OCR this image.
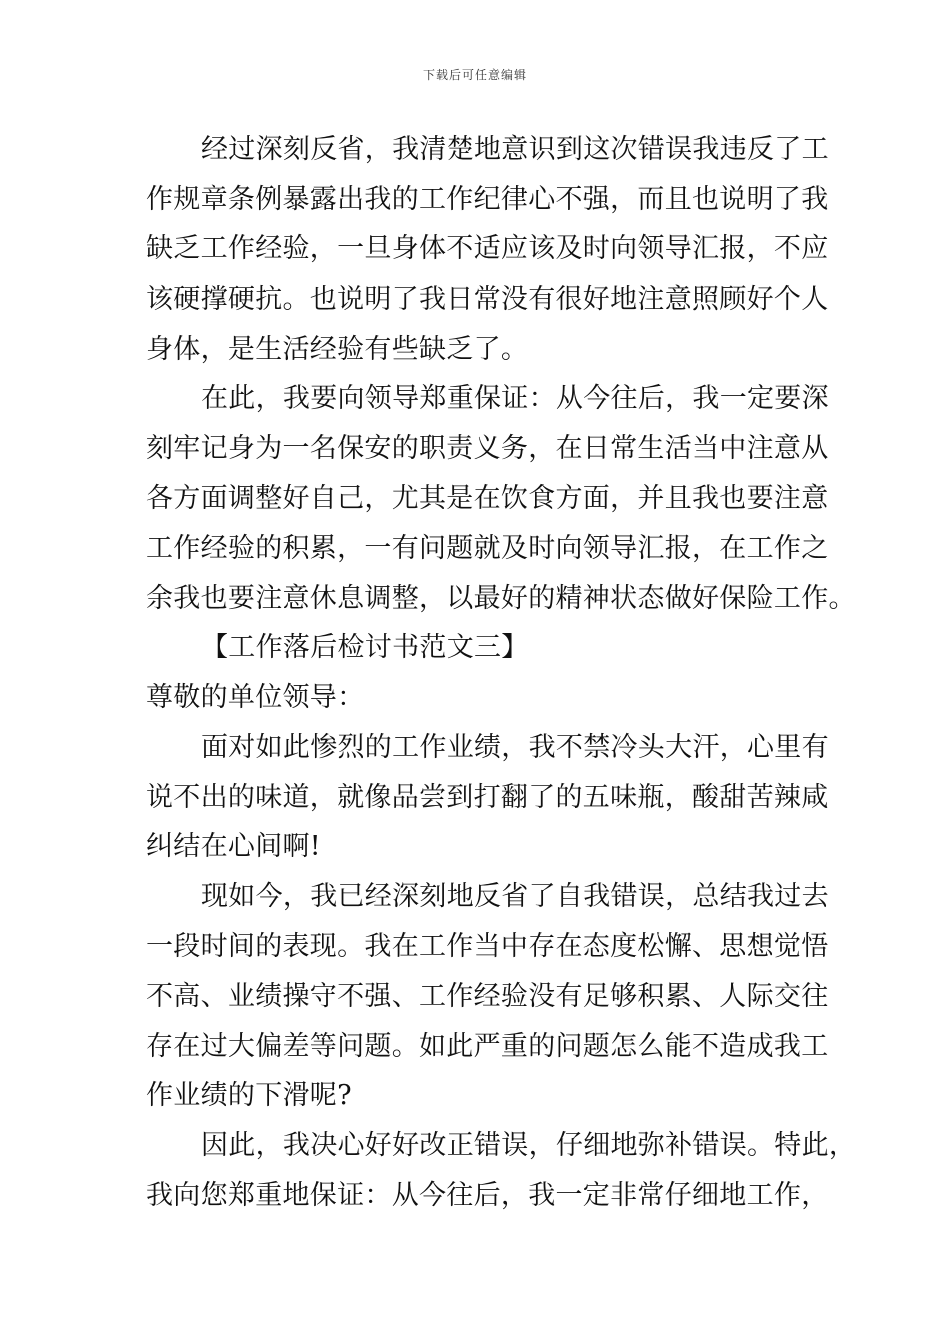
下载后可任意编辑
经过深刻反省，我清楚地意识到这次错误我违反了工
作规章条例暴露出我的工作纪律心不强，而且也说明了我
缺乏工作经验，一旦身体不适应该及时向领导汇报，不应
该硬撑硬抗。也说明了我日常没有很好地注意照顾好个人
身体，是生活经验有些缺乏了。
在此，我要向领导郑重保证：从今往后，我一定要深
刻牢记身为一名保安的职责义务，在日常生活当中注意从
各方面调整好自己，尤其是在饮食方面，并且我也要注意
工作经验的积累，一有问题就及时向领导汇报，在工作之
余我也要注意休息调整，以最好的精神状态做好保险工作。
【工作落后检讨书范文三】
尊敬的单位领导：
面对如此惨烈的工作业绩，我不禁冷头大汗，心里有
说不出的味道，就像品尝到打翻了的五味瓶，酸甜苦辣咸
纠结在心间啊!
现如今，我已经深刻地反省了自我错误，总结我过去
一段时间的表现。我在工作当中存在态度松懈、思想觉悟
不高、业绩操守不强、工作经验没有足够积累、人际交往
存在过大偏差等问题。如此严重的问题怎么能不造成我工
作业绩的下滑呢?
因此，我决心好好改正错误，仔细地弥补错误。特此，
我向您郑重地保证：从今往后，我一定非常仔细地工作，
